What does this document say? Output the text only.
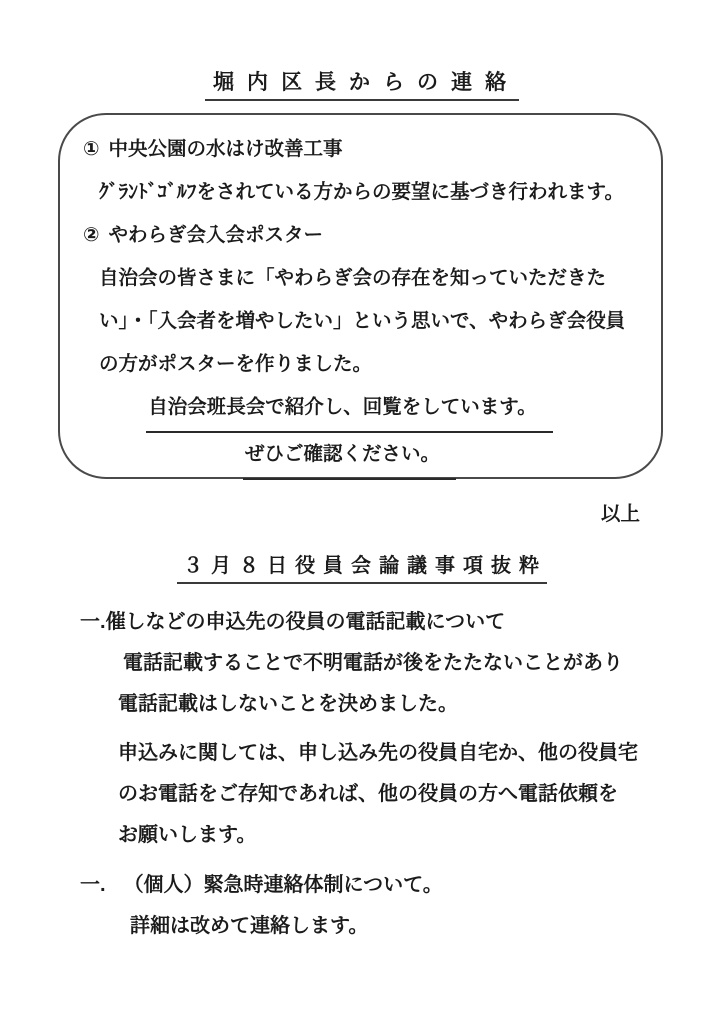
堀内区長からの連絡
① 中央公園の水はけ改善工事
ｸﾞﾗﾝﾄﾞｺﾞﾙﾌをされている方からの要望に基づき行われます。
② やわらぎ会入会ポスター
自治会の皆さまに「やわらぎ会の存在を知っていただきた
い」・「入会者を増やしたい」という思いで、やわらぎ会役員
の方がポスターを作りました。
自治会班長会で紹介し、回覧をしています。
ぜひご確認ください。
以上
３月８日役員会論議事項抜粋
一. 催しなどの申込先の役員の電話記載について
電話記載することで不明電話が後をたたないことがあり
電話記載はしないことを決めました。
申込みに関しては、申し込み先の役員自宅か、他の役員宅
のお電話をご存知であれば、他の役員の方へ電話依頼を
お願いします。
一. （個人）緊急時連絡体制について。
詳細は改めて連絡します。
